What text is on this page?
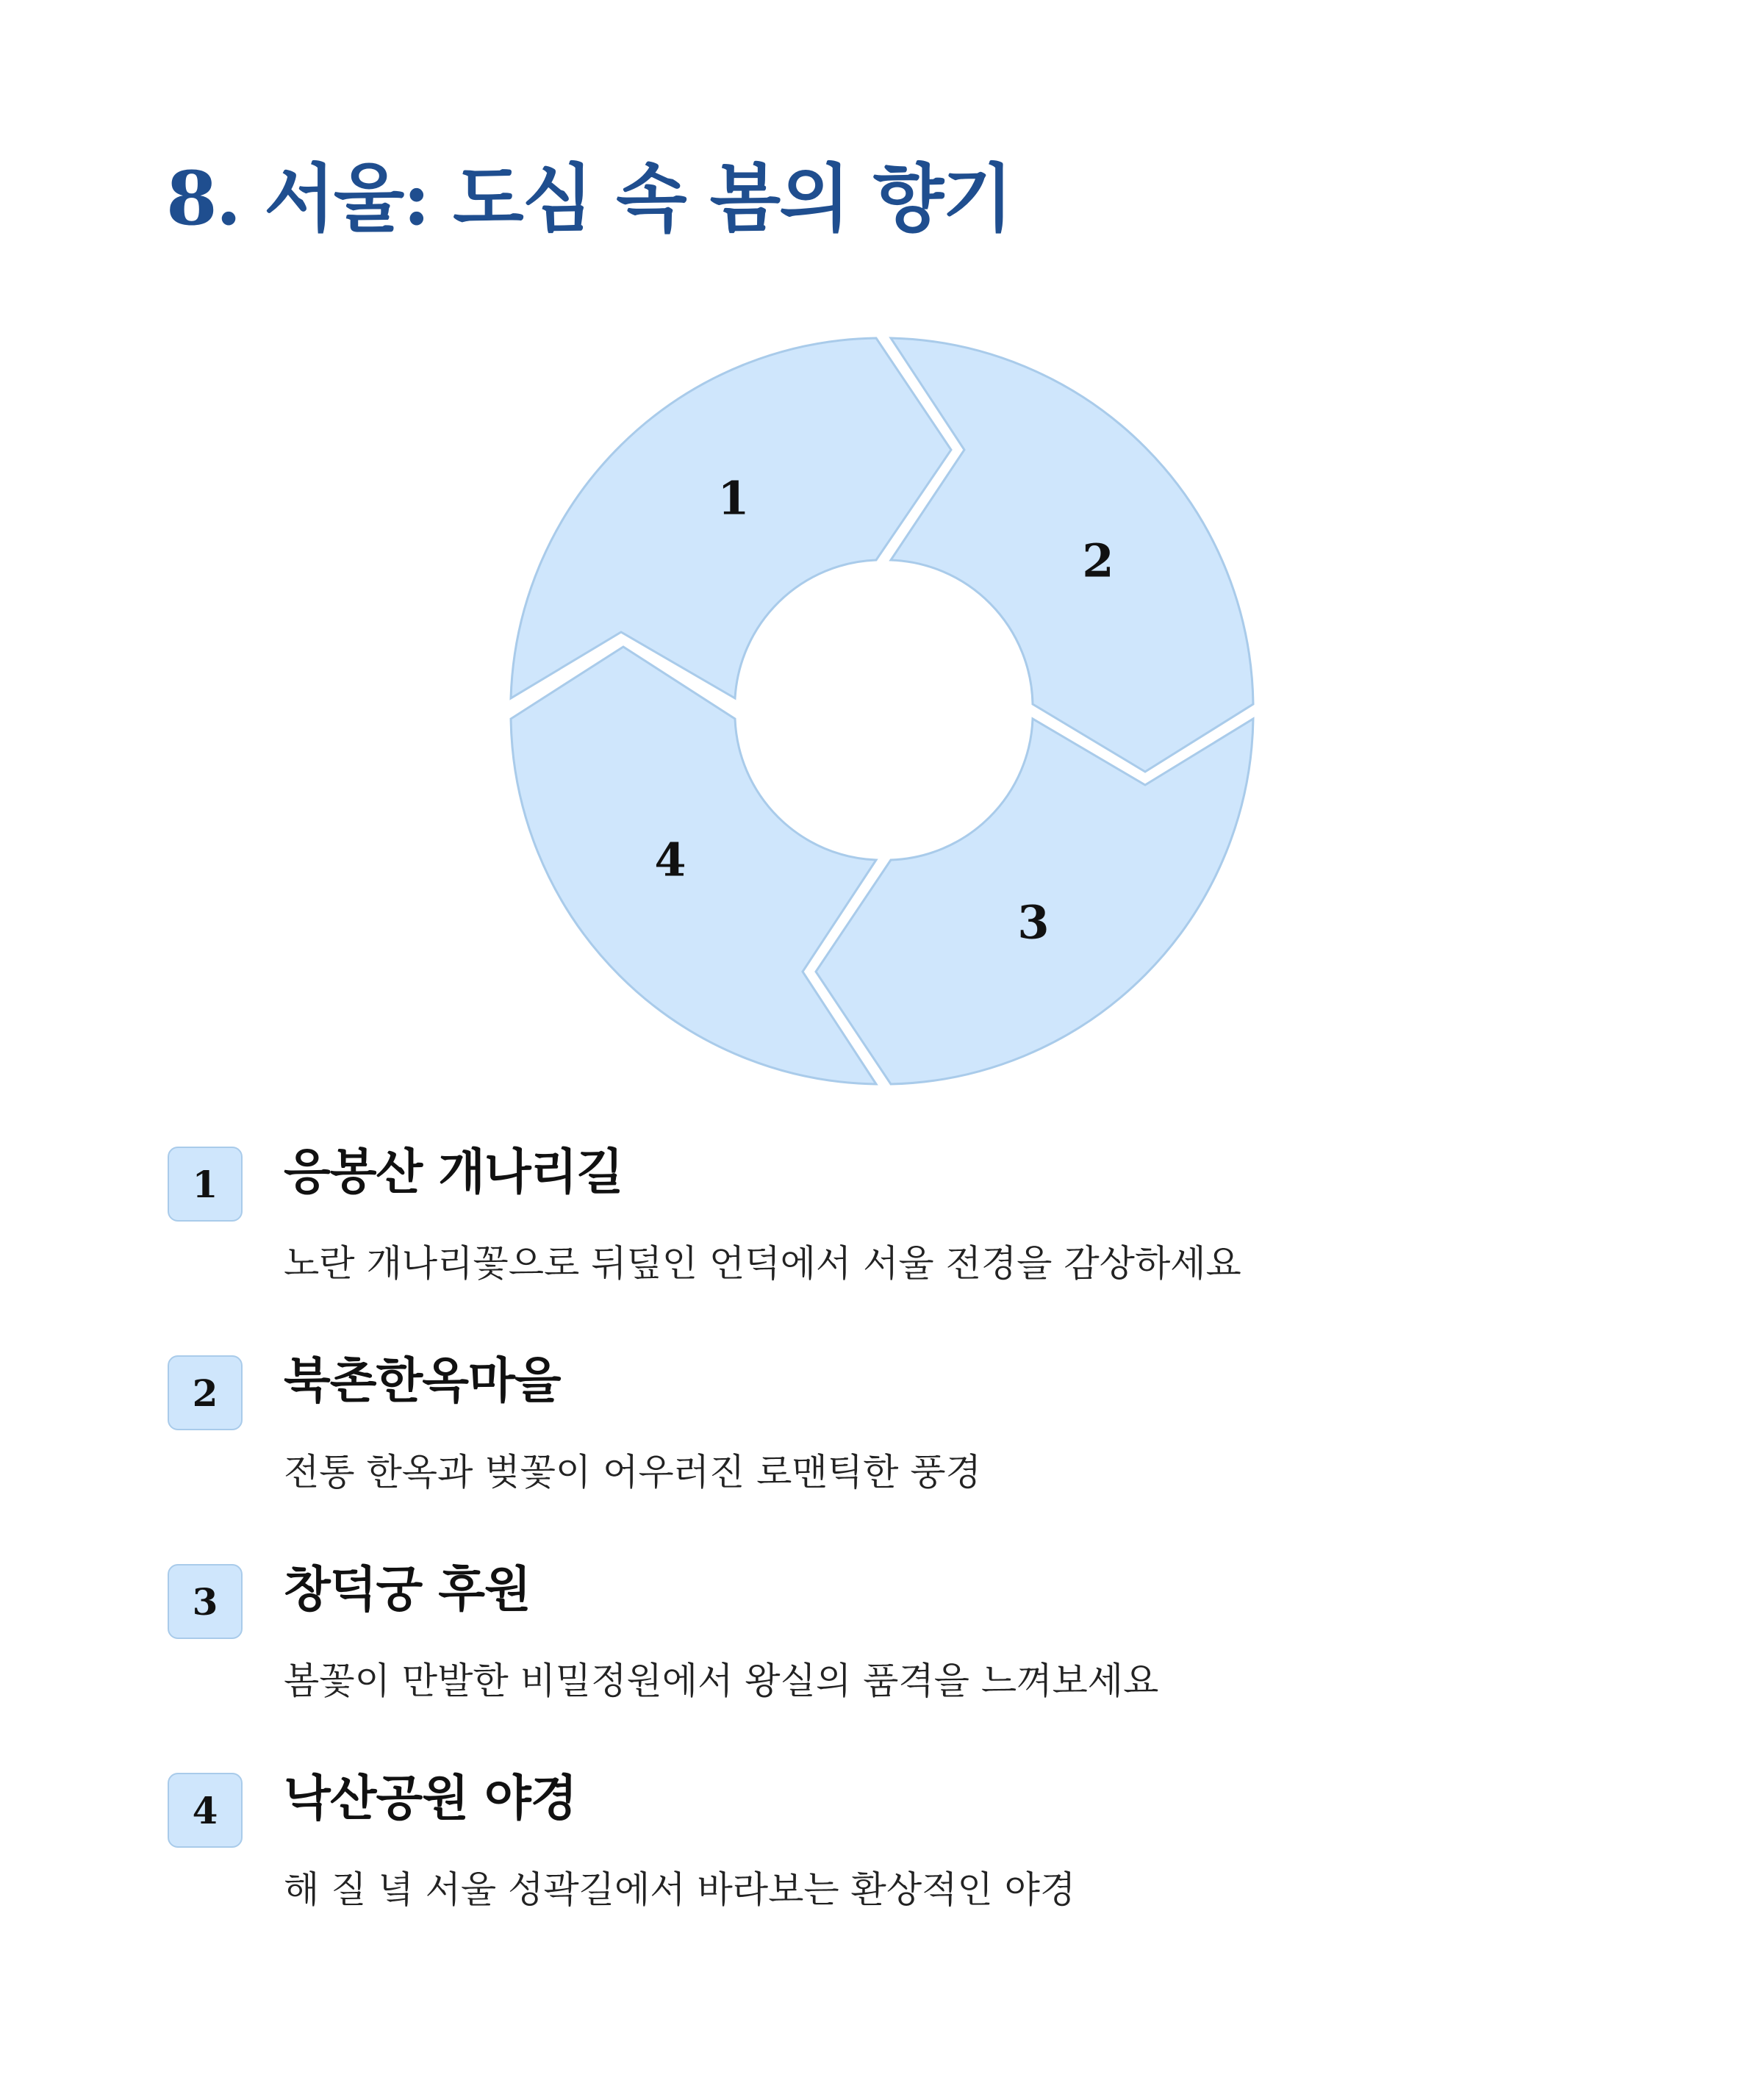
8. 서울: 도심 속 봄의 향기
1
2
3
4
1	응봉산 개나리길

노란 개나리꽃으로 뒤덮인 언덕에서 서울 전경을 감상하세요

2	북촌한옥마을

전통 한옥과 벚꽃이 어우러진 로맨틱한 풍경

3	창덕궁 후원

봄꽃이 만발한 비밀정원에서 왕실의 품격을 느껴보세요

4	낙산공원 야경

해 질 녘 서울 성곽길에서 바라보는 환상적인 야경
